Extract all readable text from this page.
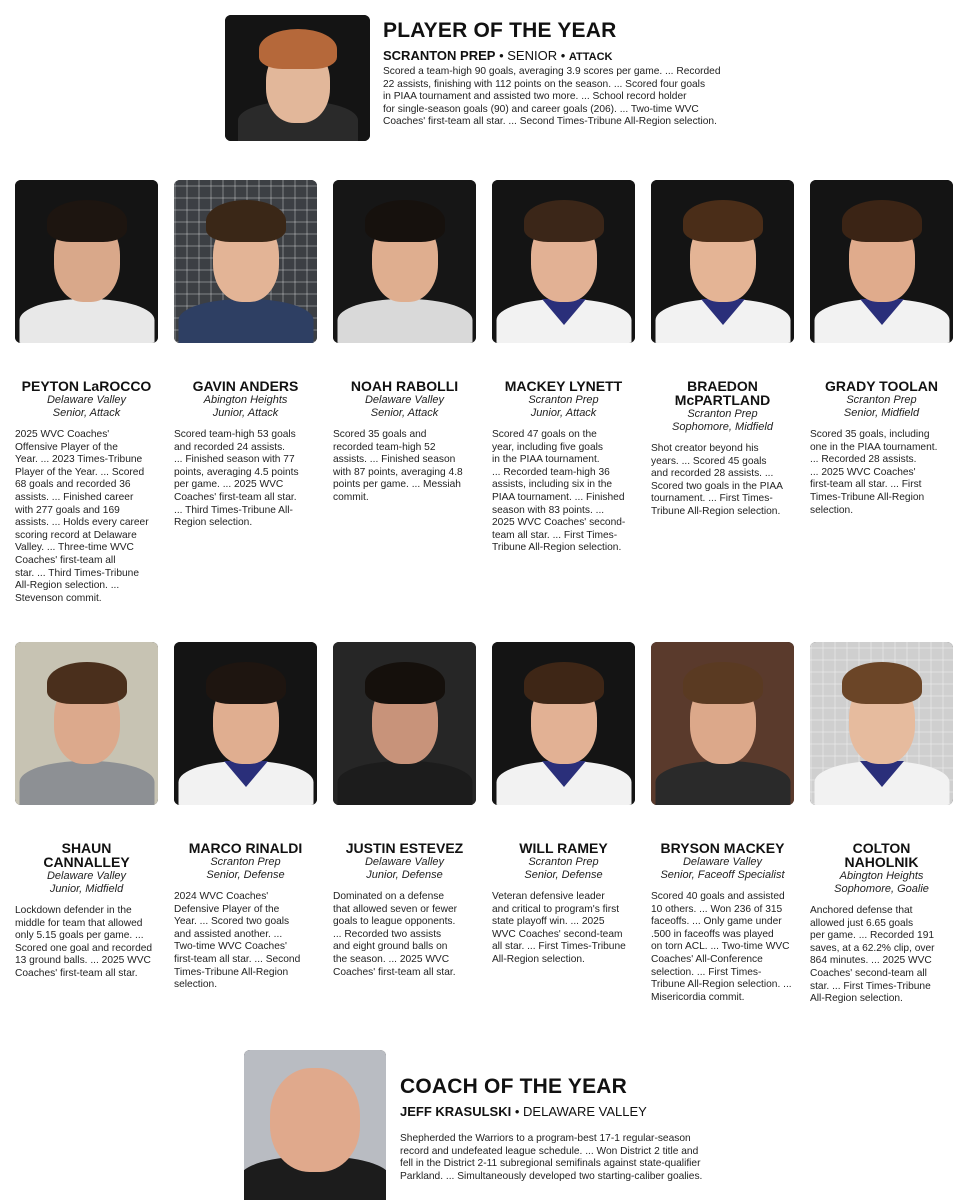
PLAYER OF THE YEAR
SCRANTON PREP • SENIOR • ATTACK
Scored a team-high 90 goals, averaging 3.9 scores per game. ... Recorded
22 assists, finishing with 112 points on the season. ... Scored four goals
in PIAA tournament and assisted two more. ... School record holder
for single-season goals (90) and career goals (206). ... Two-time WVC
Coaches' first-team all star. ... Second Times-Tribune All-Region selection.
PEYTON LaROCCO
Delaware Valley
Senior, Attack
2025 WVC Coaches'
Offensive Player of the
Year. ... 2023 Times-Tribune
Player of the Year. ... Scored
68 goals and recorded 36
assists. ... Finished career
with 277 goals and 169
assists. ... Holds every career
scoring record at Delaware
Valley. ... Three-time WVC
Coaches' first-team all
star. ... Third Times-Tribune
All-Region selection. ...
Stevenson commit.
GAVIN ANDERS
Abington Heights
Junior, Attack
Scored team-high 53 goals
and recorded 24 assists.
... Finished season with 77
points, averaging 4.5 points
per game. ... 2025 WVC
Coaches' first-team all star.
... Third Times-Tribune All-
Region selection.
NOAH RABOLLI
Delaware Valley
Senior, Attack
Scored 35 goals and
recorded team-high 52
assists. ... Finished season
with 87 points, averaging 4.8
points per game. ... Messiah
commit.
MACKEY LYNETT
Scranton Prep
Junior, Attack
Scored 47 goals on the
year, including five goals
in the PIAA tournament.
... Recorded team-high 36
assists, including six in the
PIAA tournament. ... Finished
season with 83 points. ...
2025 WVC Coaches' second-
team all star. ... First Times-
Tribune All-Region selection.
BRAEDON
McPARTLAND
Scranton Prep
Sophomore, Midfield
Shot creator beyond his
years. ... Scored 45 goals
and recorded 28 assists. ...
Scored two goals in the PIAA
tournament. ... First Times-
Tribune All-Region selection.
GRADY TOOLAN
Scranton Prep
Senior, Midfield
Scored 35 goals, including
one in the PIAA tournament.
... Recorded 28 assists.
... 2025 WVC Coaches'
first-team all star. ... First
Times-Tribune All-Region
selection.
SHAUN
CANNALLEY
Delaware Valley
Junior, Midfield
Lockdown defender in the
middle for team that allowed
only 5.15 goals per game. ...
Scored one goal and recorded
13 ground balls. ... 2025 WVC
Coaches' first-team all star.
MARCO RINALDI
Scranton Prep
Senior, Defense
2024 WVC Coaches'
Defensive Player of the
Year. ... Scored two goals
and assisted another. ...
Two-time WVC Coaches'
first-team all star. ... Second
Times-Tribune All-Region
selection.
JUSTIN ESTEVEZ
Delaware Valley
Junior, Defense
Dominated on a defense
that allowed seven or fewer
goals to league opponents.
... Recorded two assists
and eight ground balls on
the season. ... 2025 WVC
Coaches' first-team all star.
WILL RAMEY
Scranton Prep
Senior, Defense
Veteran defensive leader
and critical to program's first
state playoff win. ... 2025
WVC Coaches' second-team
all star. ... First Times-Tribune
All-Region selection.
BRYSON MACKEY
Delaware Valley
Senior, Faceoff Specialist
Scored 40 goals and assisted
10 others. ... Won 236 of 315
faceoffs. ... Only game under
.500 in faceoffs was played
on torn ACL. ... Two-time WVC
Coaches' All-Conference
selection. ... First Times-
Tribune All-Region selection. ...
Misericordia commit.
COLTON
NAHOLNIK
Abington Heights
Sophomore, Goalie
Anchored defense that
allowed just 6.65 goals
per game. ... Recorded 191
saves, at a 62.2% clip, over
864 minutes. ... 2025 WVC
Coaches' second-team all
star. ... First Times-Tribune
All-Region selection.
COACH OF THE YEAR
JEFF KRASULSKI • DELAWARE VALLEY
Shepherded the Warriors to a program-best 17-1 regular-season
record and undefeated league schedule. ... Won District 2 title and
fell in the District 2-11 subregional semifinals against state-qualifier
Parkland. ... Simultaneously developed two starting-caliber goalies.
